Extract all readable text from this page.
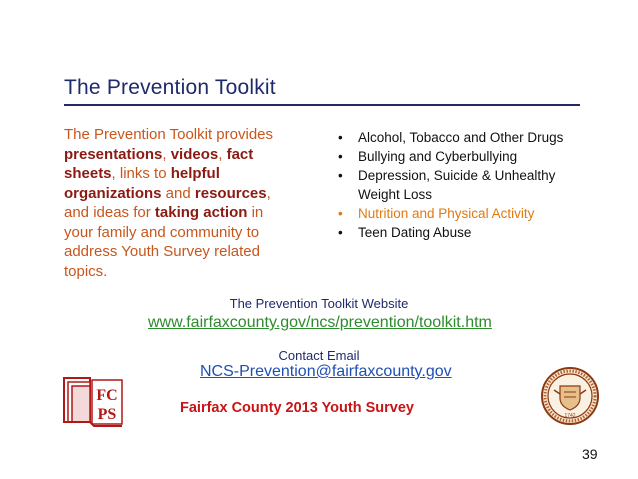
The Prevention Toolkit
The Prevention Toolkit provides presentations, videos, fact sheets, links to helpful organizations and resources, and ideas for taking action in your family and community to address Youth Survey related topics.
• Alcohol, Tobacco and Other Drugs
• Bullying and Cyberbullying
• Depression, Suicide & Unhealthy Weight Loss
• Nutrition and Physical Activity
• Teen Dating Abuse
The Prevention Toolkit Website
www.fairfaxcounty.gov/ncs/prevention/toolkit.htm
Contact Email
NCS-Prevention@fairfaxcounty.gov
Fairfax County 2013 Youth Survey
FC
PS	1742
39
